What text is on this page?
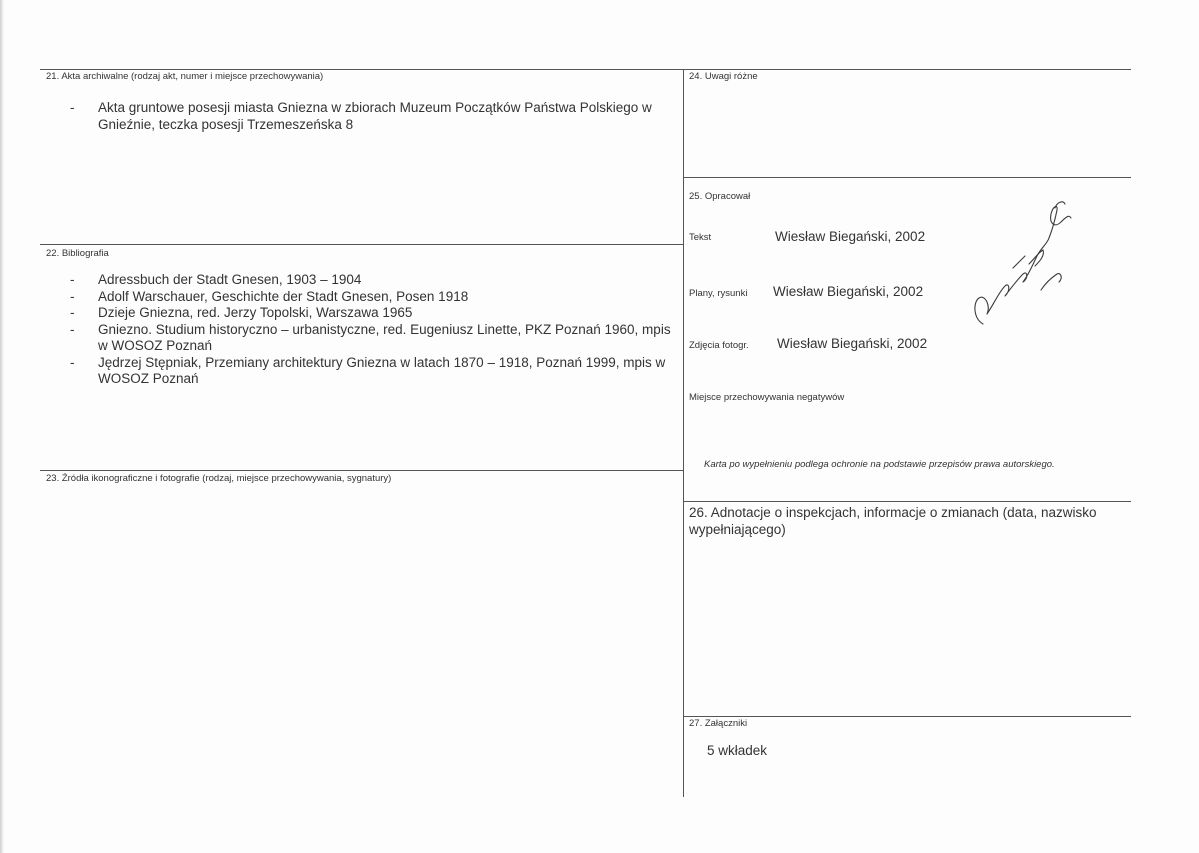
21. Akta archiwalne (rodzaj akt, numer i miejsce przechowywania)
- Akta gruntowe posesji miasta Gniezna w zbiorach Muzeum Początków Państwa Polskiego w Gnieźnie, teczka posesji Trzemeszeńska 8
22. Bibliografia
- Adressbuch der Stadt Gnesen, 1903 – 1904
- Adolf Warschauer, Geschichte der Stadt Gnesen, Posen 1918
- Dzieje Gniezna, red. Jerzy Topolski, Warszawa 1965
- Gniezno. Studium historyczno – urbanistyczne, red. Eugeniusz Linette, PKZ Poznań 1960, mpis w WOSOZ Poznań
- Jędrzej Stępniak, Przemiany architektury Gniezna w latach 1870 – 1918, Poznań 1999, mpis w WOSOZ Poznań
23. Źródła ikonograficzne i fotografie (rodzaj, miejsce przechowywania, sygnatury)
24. Uwagi różne
25. Opracował
Tekst	Wiesław Biegański, 2002
Plany, rysunki Wiesław Biegański, 2002
Zdjęcia fotogr. Wiesław Biegański, 2002
Miejsce przechowywania negatywów
Karta po wypełnieniu podlega ochronie na podstawie przepisów prawa autorskiego.
26. Adnotacje o inspekcjach, informacje o zmianach (data, nazwisko wypełniającego)
27. Załączniki
5 wkładek
